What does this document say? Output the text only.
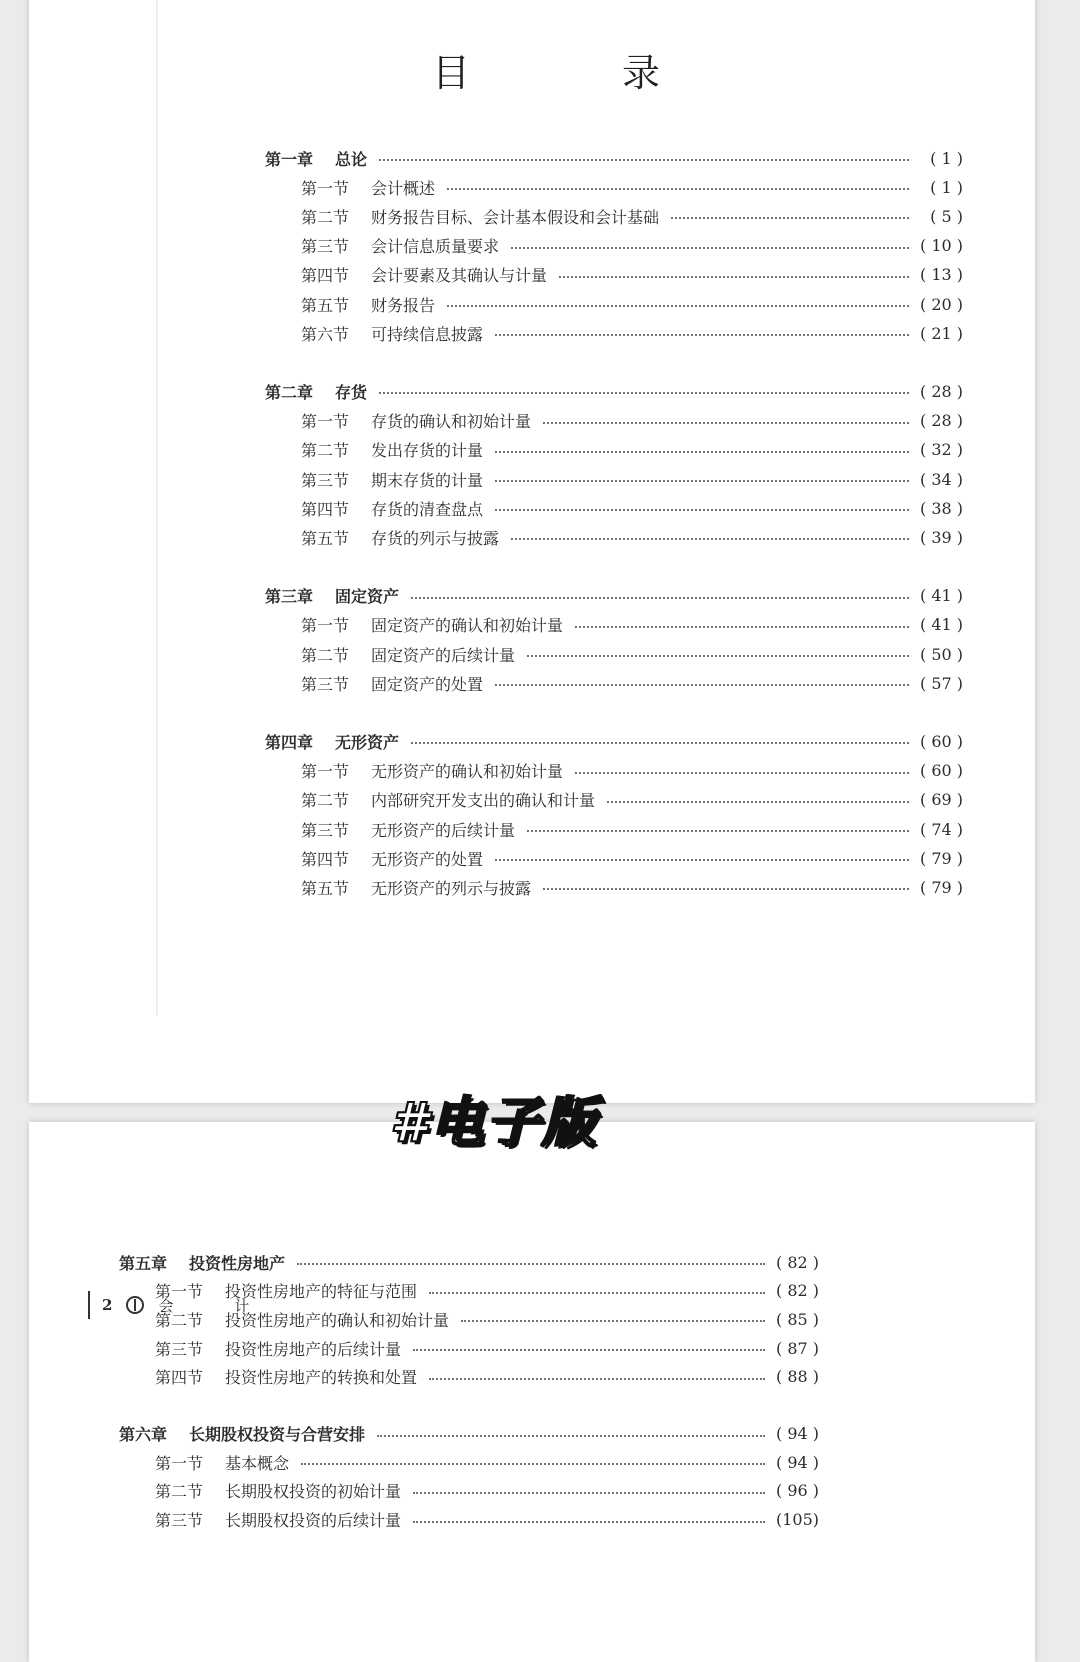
目 录
第一章	总论	( 1 )
第一节	会计概述	( 1 )
第二节	财务报告目标、会计基本假设和会计基础	( 5 )
第三节	会计信息质量要求	( 10 )
第四节	会计要素及其确认与计量	( 13 )
第五节	财务报告	( 20 )
第六节	可持续信息披露	( 21 )
第二章	存货	( 28 )
第一节	存货的确认和初始计量	( 28 )
第二节	发出存货的计量	( 32 )
第三节	期末存货的计量	( 34 )
第四节	存货的清查盘点	( 38 )
第五节	存货的列示与披露	( 39 )
第三章	固定资产	( 41 )
第一节	固定资产的确认和初始计量	( 41 )
第二节	固定资产的后续计量	( 50 )
第三节	固定资产的处置	( 57 )
第四章	无形资产	( 60 )
第一节	无形资产的确认和初始计量	( 60 )
第二节	内部研究开发支出的确认和计量	( 69 )
第三节	无形资产的后续计量	( 74 )
第四节	无形资产的处置	( 79 )
第五节	无形资产的列示与披露	( 79 )
第五章	投资性房地产	( 82 )
第一节	投资性房地产的特征与范围	( 82 )
第二节	投资性房地产的确认和初始计量	( 85 )
第三节	投资性房地产的后续计量	( 87 )
第四节	投资性房地产的转换和处置	( 88 )
第六章	长期股权投资与合营安排	( 94 )
第一节	基本概念	( 94 )
第二节	长期股权投资的初始计量	( 96 )
第三节	长期股权投资的后续计量	(105)
2	会 计
#电子版
